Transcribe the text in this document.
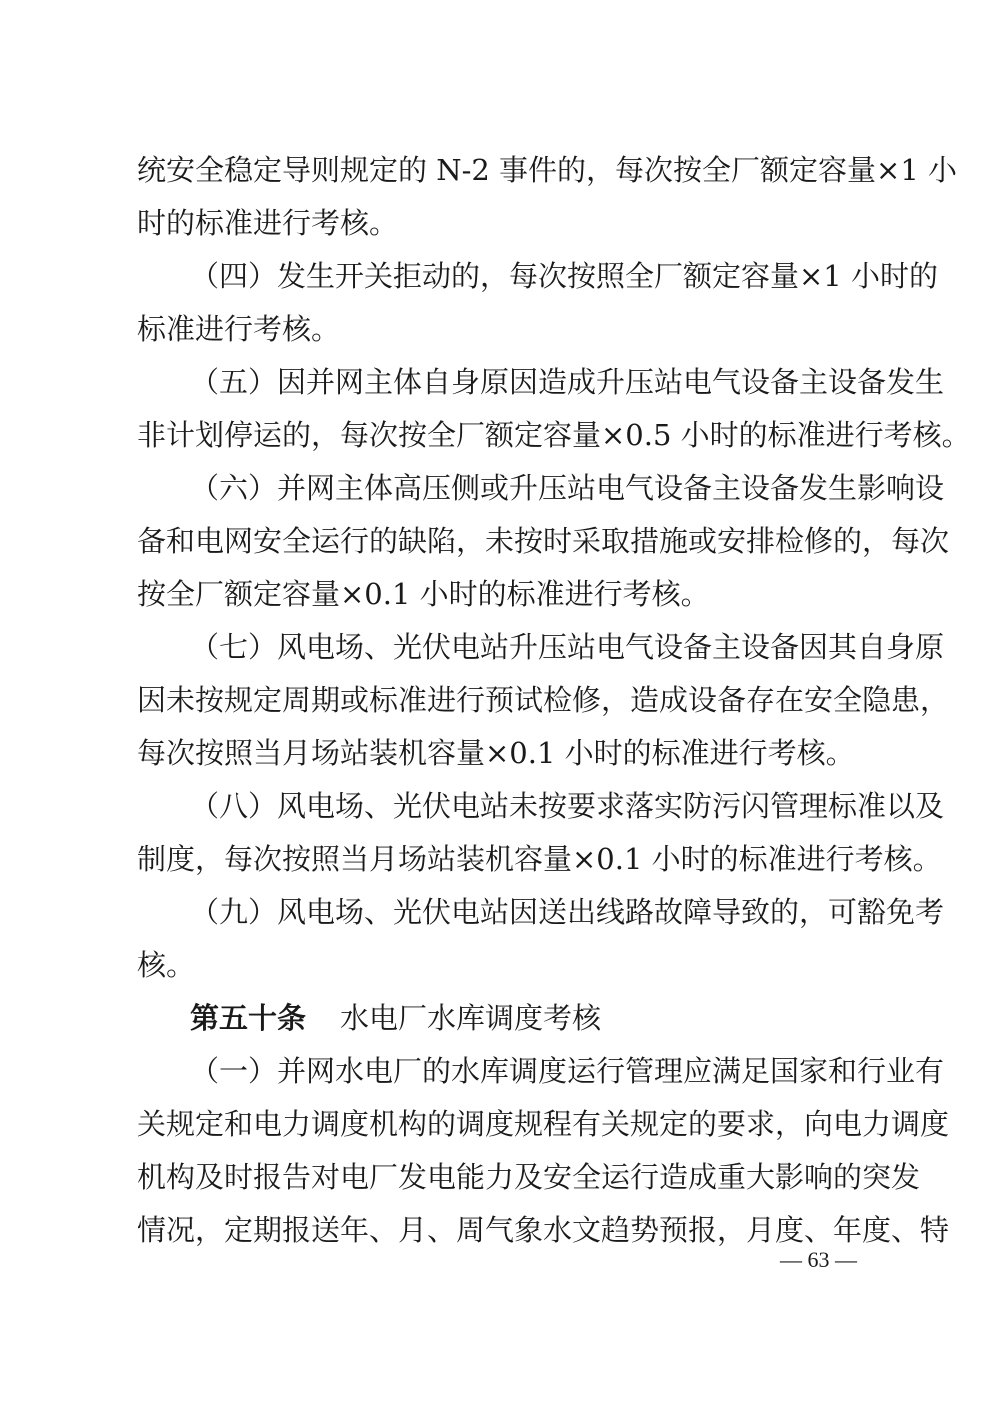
统安全稳定导则规定的 N-2 事件的，每次按全厂额定容量×1 小
时的标准进行考核。
（四）发生开关拒动的，每次按照全厂额定容量×1 小时的
标准进行考核。
（五）因并网主体自身原因造成升压站电气设备主设备发生
非计划停运的，每次按全厂额定容量×0.5 小时的标准进行考核。
（六）并网主体高压侧或升压站电气设备主设备发生影响设
备和电网安全运行的缺陷，未按时采取措施或安排检修的，每次
按全厂额定容量×0.1 小时的标准进行考核。
（七）风电场、光伏电站升压站电气设备主设备因其自身原
因未按规定周期或标准进行预试检修，造成设备存在安全隐患，
每次按照当月场站装机容量×0.1 小时的标准进行考核。
（八）风电场、光伏电站未按要求落实防污闪管理标准以及
制度，每次按照当月场站装机容量×0.1 小时的标准进行考核。
（九）风电场、光伏电站因送出线路故障导致的，可豁免考
核。
第五十条 水电厂水库调度考核
（一）并网水电厂的水库调度运行管理应满足国家和行业有
关规定和电力调度机构的调度规程有关规定的要求，向电力调度
机构及时报告对电厂发电能力及安全运行造成重大影响的突发
情况，定期报送年、月、周气象水文趋势预报，月度、年度、特
— 63 —
